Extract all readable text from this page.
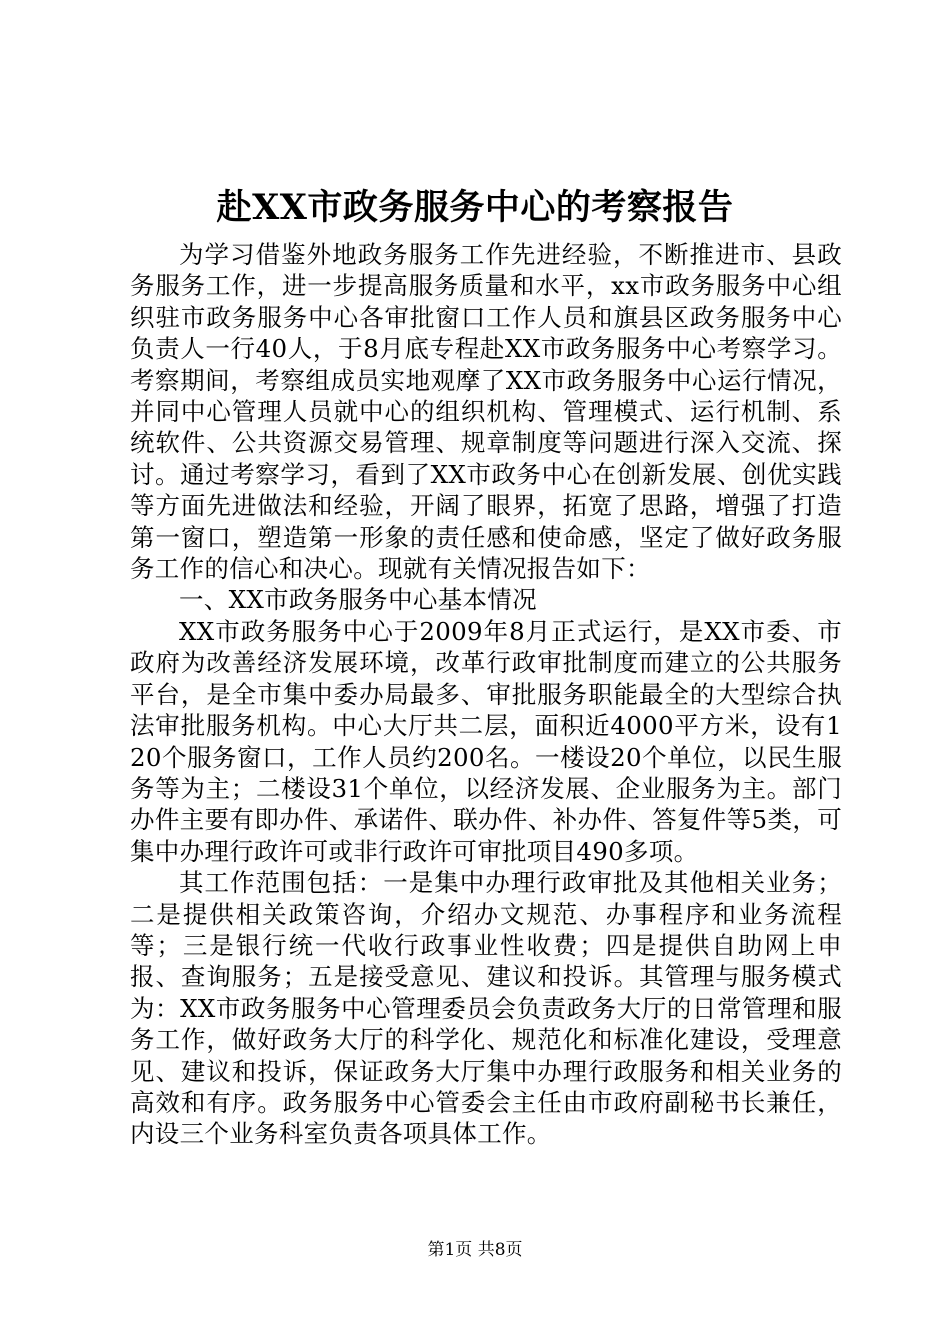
赴XX市政务服务中心的考察报告

为学习借鉴外地政务服务工作先进经验，不断推进市、县政务服务工作，进一步提高服务质量和水平，xx市政务服务中心组织驻市政务服务中心各审批窗口工作人员和旗县区政务服务中心负责人一行40人，于8月底专程赴XX市政务服务中心考察学习。考察期间，考察组成员实地观摩了XX市政务服务中心运行情况，并同中心管理人员就中心的组织机构、管理模式、运行机制、系统软件、公共资源交易管理、规章制度等问题进行深入交流、探讨。通过考察学习，看到了XX市政务中心在创新发展、创优实践等方面先进做法和经验，开阔了眼界，拓宽了思路，增强了打造第一窗口，塑造第一形象的责任感和使命感，坚定了做好政务服务工作的信心和决心。现就有关情况报告如下：

一、XX市政务服务中心基本情况

XX市政务服务中心于2009年8月正式运行，是XX市委、市政府为改善经济发展环境，改革行政审批制度而建立的公共服务平台，是全市集中委办局最多、审批服务职能最全的大型综合执法审批服务机构。中心大厅共二层，面积近4000平方米，设有120个服务窗口，工作人员约200名。一楼设20个单位，以民生服务等为主；二楼设31个单位，以经济发展、企业服务为主。部门办件主要有即办件、承诺件、联办件、补办件、答复件等5类，可集中办理行政许可或非行政许可审批项目490多项。

其工作范围包括：一是集中办理行政审批及其他相关业务；二是提供相关政策咨询，介绍办文规范、办事程序和业务流程等；三是银行统一代收行政事业性收费；四是提供自助网上申报、查询服务；五是接受意见、建议和投诉。其管理与服务模式为：XX市政务服务中心管理委员会负责政务大厅的日常管理和服务工作，做好政务大厅的科学化、规范化和标准化建设，受理意见、建议和投诉，保证政务大厅集中办理行政服务和相关业务的高效和有序。政务服务中心管委会主任由市政府副秘书长兼任，内设三个业务科室负责各项具体工作。

第1页 共8页
